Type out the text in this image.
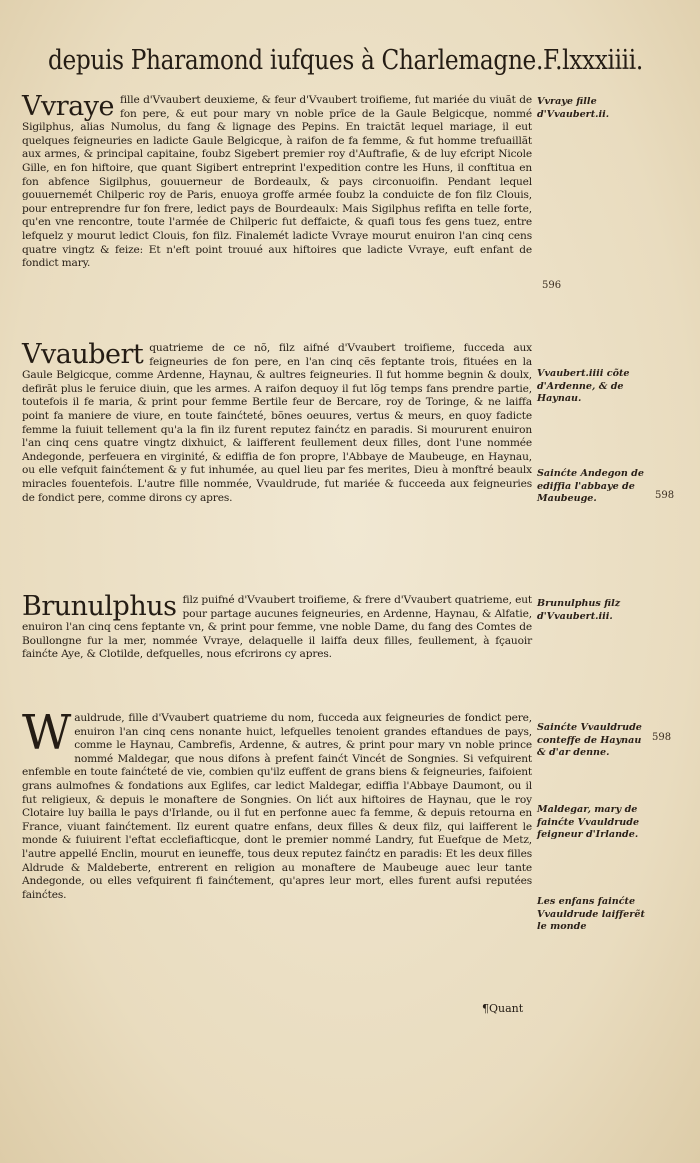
depuis Pharamond iufques à Charlemagne.F.lxxxiiii.

Vvraye fille d'Vvaubert deuxieme, & feur d'Vvaubert troifieme, fut mariée du viuãt de fon pere, & eut pour mary vn noble prīce de la Gaule Belgicque, nommé Sigilphus, alias Numolus, du fang & lignage des Pepins. En traictãt lequel mariage, il eut quelques feigneuries en ladicte Gaule Belgicque, à raifon de fa femme, & fut homme trefuaillãt aux armes, & principal capitaine, foubz Sigebert premier roy d'Auftrafie, & de luy efcript Nicole Gille, en fon hiftoire, que quant Sigibert entreprint l'expedition contre les Huns, il conftitua en fon abfence Sigilphus, gouuerneur de Bordeaulx, & pays circonuoifin. Pendant lequel gouuernemét Chilperic roy de Paris, enuoya groffe armée foubz la conduicte de fon filz Clouis, pour entreprendre fur fon frere, ledict pays de Bourdeaulx: Mais Sigilphus refifta en telle forte, qu'en vne rencontre, toute l'armée de Chilperic fut deffaicte, & quafi tous fes gens tuez, entre lefquelz y mourut ledict Clouis, fon filz. Finalemét ladicte Vvraye mourut enuiron l'an cinq cens quatre vingtz & feize: Et n'eft point trouué aux hiftoires que ladicte Vvraye, euft enfant de fondict mary.

Vvaubert quatrieme de ce nõ, filz aifné d'Vvaubert troifieme, fucceda aux feigneuries de fon pere, en l'an cinq cẽs feptante trois, fituées en la Gaule Belgicque, comme Ardenne, Haynau, & aultres feigneuries. Il fut homme begnin & doulx, defirãt plus le feruice diuin, que les armes. A raifon dequoy il fut lõg temps fans prendre partie, toutefois il fe maria, & print pour femme Bertile feur de Bercare, roy de Toringe, & ne laiffa point fa maniere de viure, en toute fainćteté, bõnes oeuures, vertus & meurs, en quoy fadicte femme la fuiuit tellement qu'a la fin ilz furent reputez fainćtz en paradis. Si moururent enuiron l'an cinq cens quatre vingtz dixhuict, & laifferent feullement deux filles, dont l'une nommée Andegonde, perfeuera en virginité, & ediffia de fon propre, l'Abbaye de Maubeuge, en Haynau, ou elle vefquit fainćtement & y fut inhumée, au quel lieu par fes merites, Dieu à monftré beaulx miracles fouentefois. L'autre fille nommée, Vvauldrude, fut mariée & fucceeda aux feigneuries de fondict pere, comme dirons cy apres.

Brunulphus filz puifné d'Vvaubert troifieme, & frere d'Vvaubert quatrieme, eut pour partage aucunes feigneuries, en Ardenne, Haynau, & Alfatie, enuiron l'an cinq cens feptante vn, & print pour femme, vne noble Dame, du fang des Comtes de Boullongne fur la mer, nommée Vvraye, delaquelle il laiffa deux filles, feullement, à fçauoir fainćte Aye, & Clotilde, defquelles, nous efcrirons cy apres.

Wauldrude, fille d'Vvaubert quatrieme du nom, fucceda aux feigneuries de fondict pere, enuiron l'an cinq cens nonante huict, lefquelles tenoient grandes eftandues de pays, comme le Haynau, Cambrefis, Ardenne, & autres, & print pour mary vn noble prince nommé Maldegar, que nous difons à prefent fainćt Vincét de Songnies. Si vefquirent enfemble en toute fainćteté de vie, combien qu'ilz euffent de grans biens & feigneuries, faifoient grans aulmofnes & fondations aux Eglifes, car ledict Maldegar, ediffia l'Abbaye Daumont, ou il fut religieux, & depuis le monaftere de Songnies. On lićt aux hiftoires de Haynau, que le roy Clotaire luy bailla le pays d'Irlande, ou il fut en perfonne auec fa femme, & depuis retourna en France, viuant fainćtement. Ilz eurent quatre enfans, deux filles & deux filz, qui laifferent le monde & fuiuirent l'eftat ecclefiafticque, dont le premier nommé Landry, fut Euefque de Metz, l'autre appellé Enclin, mourut en ieuneffe, tous deux reputez fainćtz en paradis: Et les deux filles Aldrude & Maldeberte, entrerent en religion au monaftere de Maubeuge auec leur tante Andegonde, ou elles vefquirent fi fainćtement, qu'apres leur mort, elles furent aufsi reputées fainćtes.

Vvraye fille d'Vvaubert.ii.
Vvaubert.iiii cõte d'Ardenne, & de Haynau.
Sainćte Andegon de ediffia l'abbaye de Maubeuge.
Brunulphus filz d'Vvaubert.iii.
Sainćte Vvauldrude conteffe de Haynau & d'ar denne.
Maldegar, mary de fainćte Vvauldrude feigneur d'Irlande.
Les enfans fainćte Vvauldrude laifferẽt le monde
596
598
598
¶Quant
